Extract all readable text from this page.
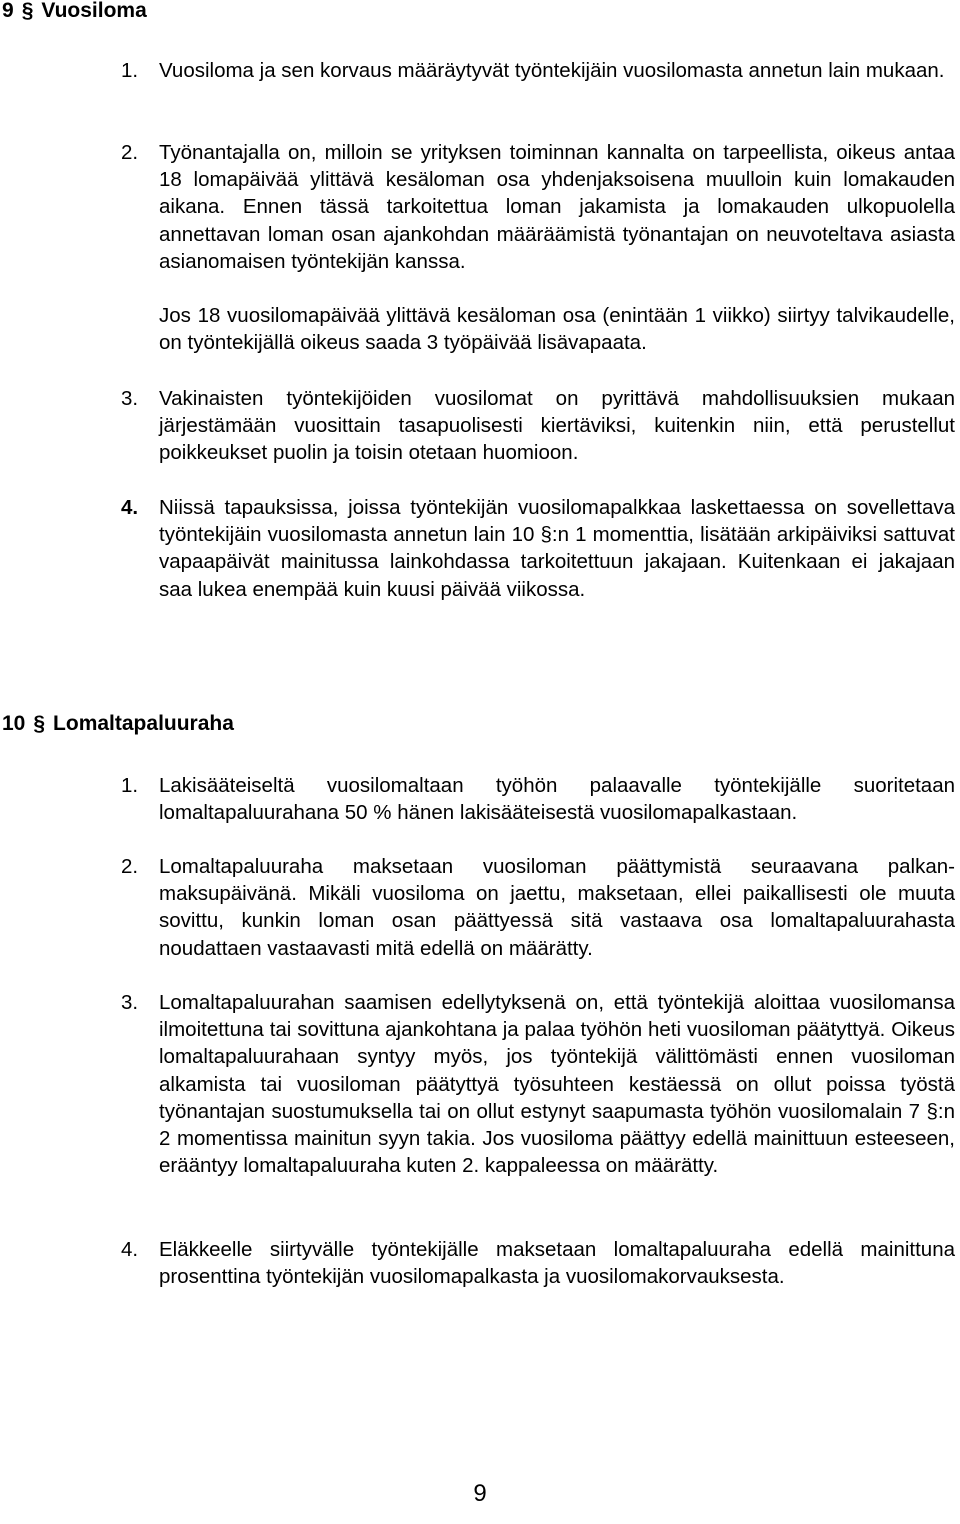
9 § Vuosiloma
1. Vuosiloma ja sen korvaus määräytyvät työntekijäin vuosilomasta annetun lain mukaan.
2. Työnantajalla on, milloin se yrityksen toiminnan kannalta on tarpeellista, oikeus antaa 18 lomapäivää ylittävä kesäloman osa yhdenjaksoisena muulloin kuin lomakauden aikana. Ennen tässä tarkoitettua loman jakamista ja lomakauden ulkopuolella annettavan loman osan ajankohdan määräämistä työnantajan on neuvoteltava asiasta asianomaisen työntekijän kanssa.
Jos 18 vuosilomapäivää ylittävä kesäloman osa (enintään 1 viikko) siirtyy talvikaudelle, on työntekijällä oikeus saada 3 työpäivää lisävapaata.
3. Vakinaisten työntekijöiden vuosilomat on pyrittävä mahdollisuuksien mukaan järjestämään vuosittain tasapuolisesti kiertäviksi, kuitenkin niin, että perustellut poikkeukset puolin ja toisin otetaan huomioon.
4. Niissä tapauksissa, joissa työntekijän vuosilomapalkkaa laskettaessa on sovellettava työntekijäin vuosilomasta annetun lain 10 §:n 1 momenttia, lisätään arkipäiviksi sattuvat vapaapäivät mainitussa lainkohdassa tarkoitettuun jakajaan. Kuitenkaan ei jakajaan saa lukea enempää kuin kuusi päivää viikossa.
10 § Lomaltapaluuraha
1. Lakisääteiseltä vuosilomaltaan työhön palaavalle työntekijälle suoritetaan lomaltapaluurahana 50 % hänen lakisääteisestä vuosilomapalkastaan.
2. Lomaltapaluuraha maksetaan vuosiloman päättymistä seuraavana palkanmaksupäivänä. Mikäli vuosiloma on jaettu, maksetaan, ellei paikallisesti ole muuta sovittu, kunkin loman osan päättyessä sitä vastaava osa lomaltapaluurahasta noudattaen vastaavasti mitä edellä on määrätty.
3. Lomaltapaluurahan saamisen edellytyksenä on, että työntekijä aloittaa vuosilomansa ilmoitettuna tai sovittuna ajankohtana ja palaa työhön heti vuosiloman päätyttyä. Oikeus lomaltapaluurahaan syntyy myös, jos työntekijä välittömästi ennen vuosiloman alkamista tai vuosiloman päätyttyä työsuhteen kestäessä on ollut poissa työstä työnantajan suostumuksella tai on ollut estynyt saapumasta työhön vuosilomalain 7 §:n 2 momentissa mainitun syyn takia. Jos vuosiloma päättyy edellä mainittuun esteeseen, erääntyy lomaltapaluuraha kuten 2. kappaleessa on määrätty.
4. Eläkkeelle siirtyvälle työntekijälle maksetaan lomaltapaluuraha edellä mainittuna prosenttina työntekijän vuosilomapalkasta ja vuosilomakorvauksesta.
9
